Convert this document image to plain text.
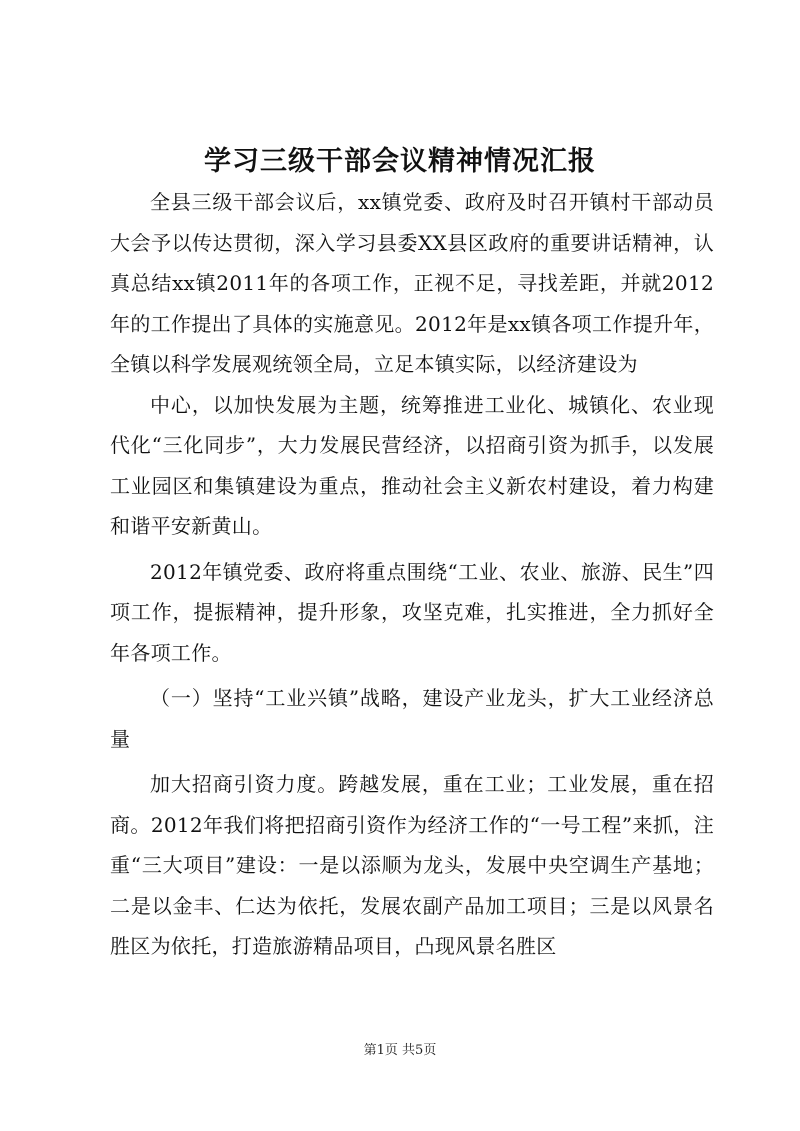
学习三级干部会议精神情况汇报

全县三级干部会议后，xx镇党委、政府及时召开镇村干部动员大会予以传达贯彻，深入学习县委XX县区政府的重要讲话精神，认真总结xx镇2011年的各项工作，正视不足，寻找差距，并就2012年的工作提出了具体的实施意见。2012年是xx镇各项工作提升年，全镇以科学发展观统领全局，立足本镇实际，以经济建设为

中心，以加快发展为主题，统筹推进工业化、城镇化、农业现代化“三化同步”，大力发展民营经济，以招商引资为抓手，以发展工业园区和集镇建设为重点，推动社会主义新农村建设，着力构建和谐平安新黄山。

2012年镇党委、政府将重点围绕“工业、农业、旅游、民生”四项工作，提振精神，提升形象，攻坚克难，扎实推进，全力抓好全年各项工作。

（一）坚持“工业兴镇”战略，建设产业龙头，扩大工业经济总量

加大招商引资力度。跨越发展，重在工业；工业发展，重在招商。2012年我们将把招商引资作为经济工作的“一号工程”来抓，注重“三大项目”建设：一是以添顺为龙头，发展中央空调生产基地；二是以金丰、仁达为依托，发展农副产品加工项目；三是以风景名胜区为依托，打造旅游精品项目，凸现风景名胜区

第1页 共5页
